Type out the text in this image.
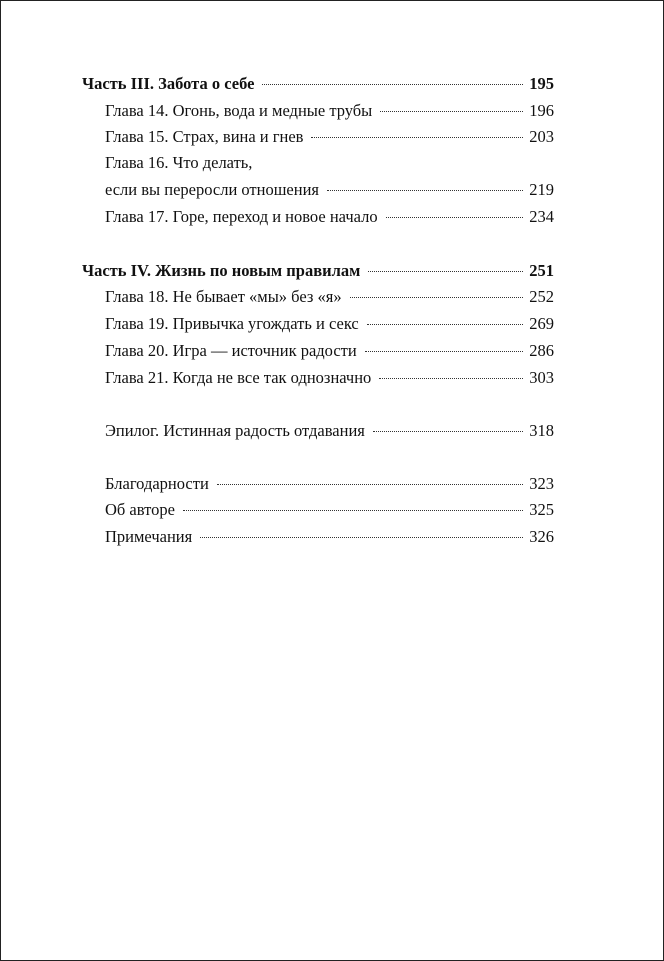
Часть III. Забота о себе	195
Глава 14. Огонь, вода и медные трубы	196
Глава 15. Страх, вина и гнев	203
Глава 16. Что делать,
если вы переросли отношения	219
Глава 17. Горе, переход и новое начало	234
Часть IV. Жизнь по новым правилам	251
Глава 18. Не бывает «мы» без «я»	252
Глава 19. Привычка угождать и секс	269
Глава 20. Игра — источник радости	286
Глава 21. Когда не все так однозначно	303
Эпилог. Истинная радость отдавания	318
Благодарности	323
Об авторе	325
Примечания	326
